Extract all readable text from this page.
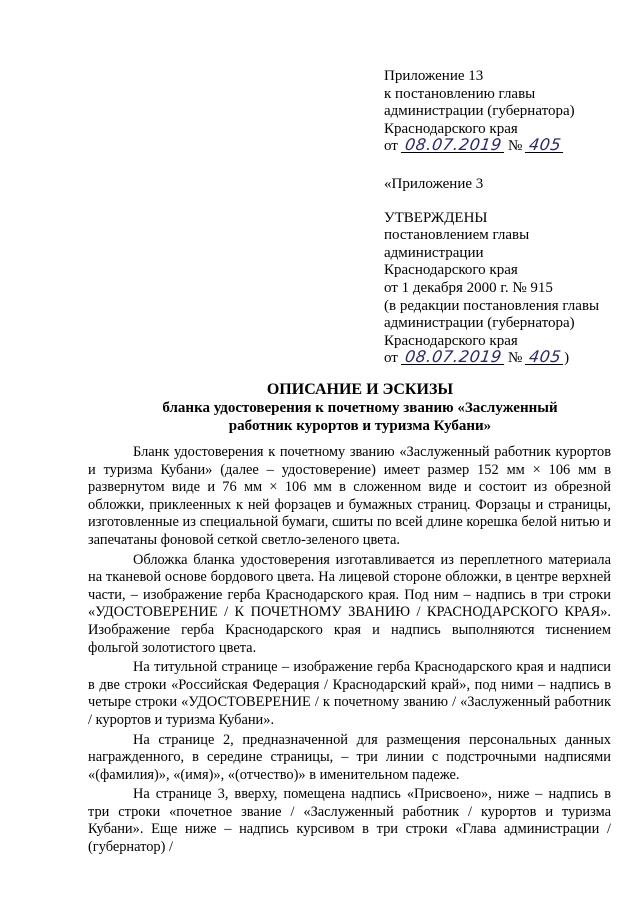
Приложение 13
к постановлению главы
администрации (губернатора)
Краснодарского края
от 08.07.2019 № 405
«Приложение 3
УТВЕРЖДЕНЫ
постановлением главы
администрации
Краснодарского края
от 1 декабря 2000 г. № 915
(в редакции постановления главы
администрации (губернатора)
Краснодарского края
от 08.07.2019 № 405 )
ОПИСАНИЕ И ЭСКИЗЫ
бланка удостоверения к почетному званию «Заслуженный
работник курортов и туризма Кубани»

Бланк удостоверения к почетному званию «Заслуженный работник курортов и туризма Кубани» (далее – удостоверение) имеет размер 152 мм × 106 мм в развернутом виде и 76 мм × 106 мм в сложенном виде и состоит из обрезной обложки, приклеенных к ней форзацев и бумажных страниц. Форзацы и страницы, изготовленные из специальной бумаги, сшиты по всей длине корешка белой нитью и запечатаны фоновой сеткой светло-зеленого цвета.

Обложка бланка удостоверения изготавливается из переплетного материала на тканевой основе бордового цвета. На лицевой стороне обложки, в центре верхней части, – изображение герба Краснодарского края. Под ним – надпись в три строки «УДОСТОВЕРЕНИЕ / К ПОЧЕТНОМУ ЗВАНИЮ / КРАСНОДАРСКОГО КРАЯ». Изображение герба Краснодарского края и надпись выполняются тиснением фольгой золотистого цвета.

На титульной странице – изображение герба Краснодарского края и надписи в две строки «Российская Федерация / Краснодарский край», под ними – надпись в четыре строки «УДОСТОВЕРЕНИЕ / к почетному званию / «Заслуженный работник / курортов и туризма Кубани».

На странице 2, предназначенной для размещения персональных данных награжденного, в середине страницы, – три линии с подстрочными надписями «(фамилия)», «(имя)», «(отчество)» в именительном падеже.

На странице 3, вверху, помещена надпись «Присвоено», ниже – надпись в три строки «почетное звание / «Заслуженный работник / курортов и туризма Кубани». Еще ниже – надпись курсивом в три строки «Глава администрации / (губернатор) /
